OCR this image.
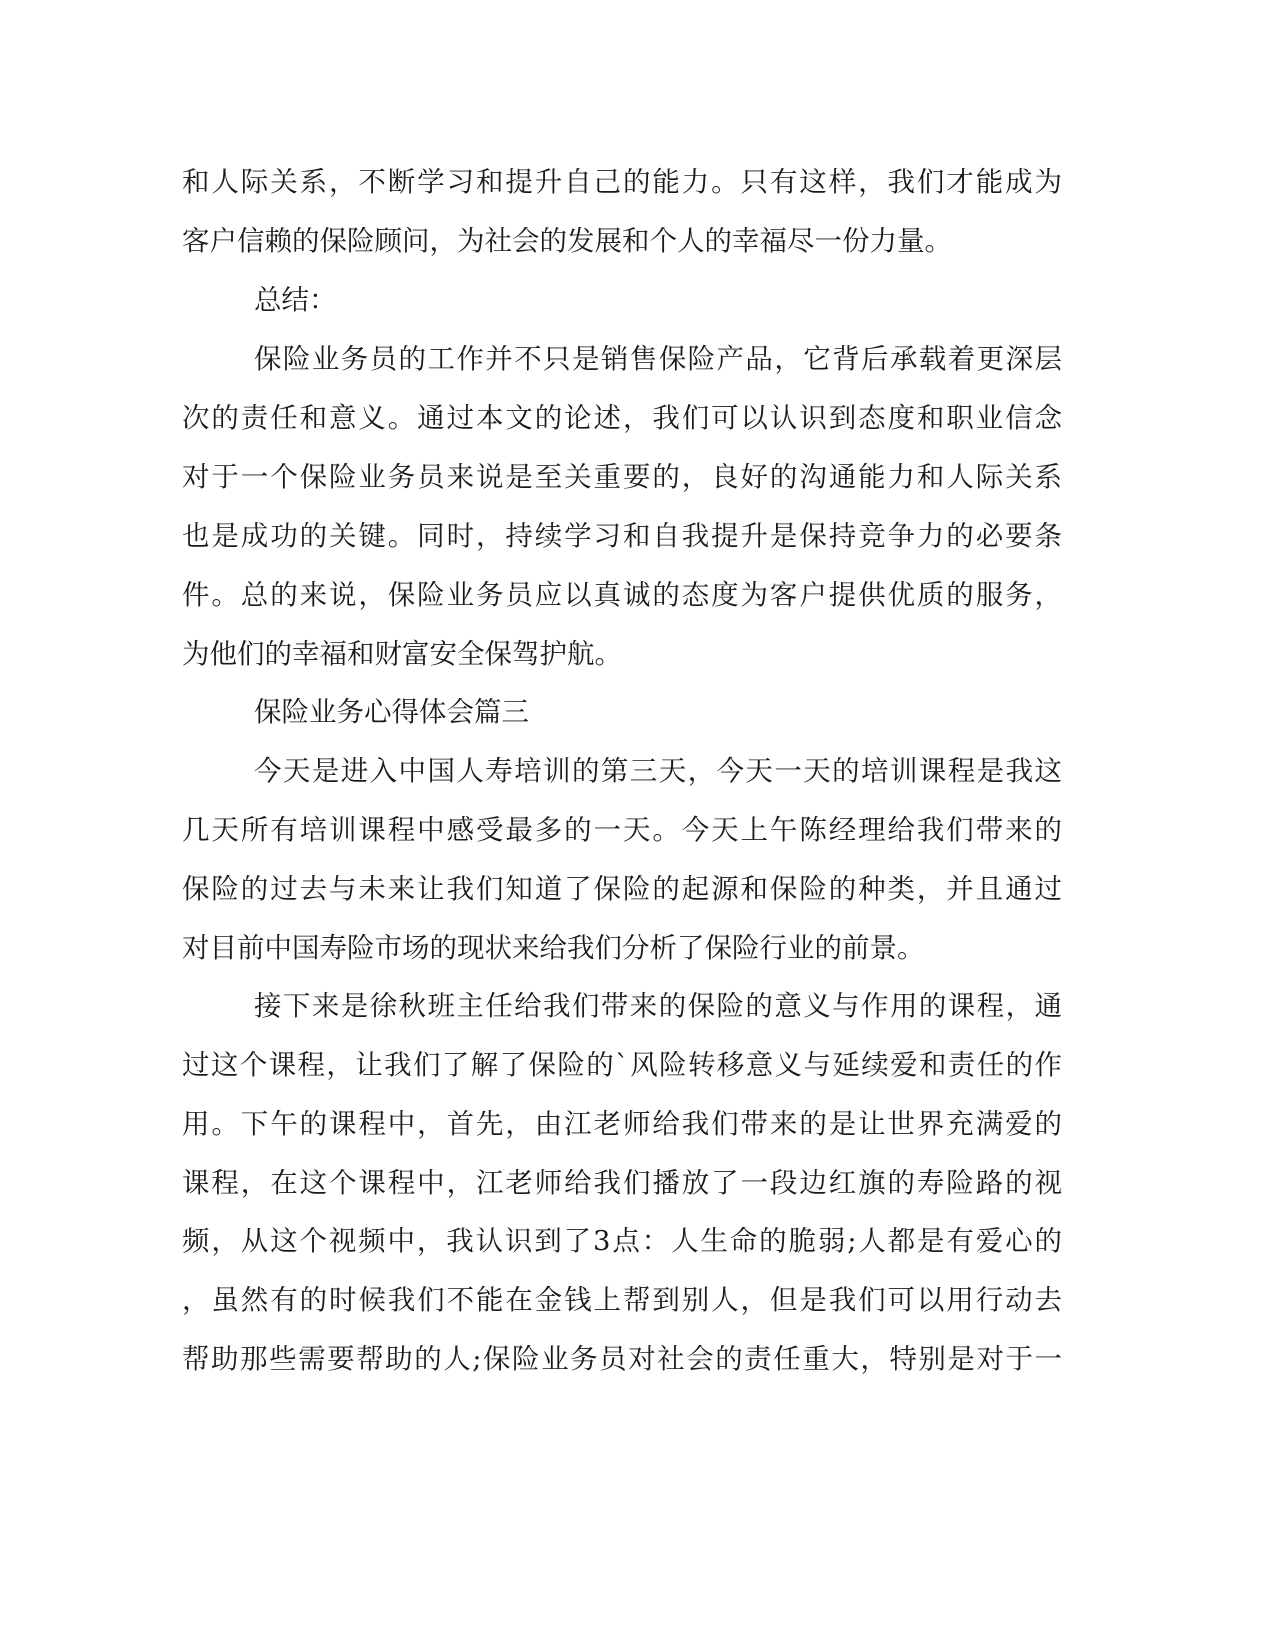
和人际关系，不断学习和提升自己的能力。只有这样，我们才能成为
客户信赖的保险顾问，为社会的发展和个人的幸福尽一份力量。
总结：
保险业务员的工作并不只是销售保险产品，它背后承载着更深层
次的责任和意义。通过本文的论述，我们可以认识到态度和职业信念
对于一个保险业务员来说是至关重要的，良好的沟通能力和人际关系
也是成功的关键。同时，持续学习和自我提升是保持竞争力的必要条
件。总的来说，保险业务员应以真诚的态度为客户提供优质的服务，
为他们的幸福和财富安全保驾护航。
保险业务心得体会篇三
今天是进入中国人寿培训的第三天，今天一天的培训课程是我这
几天所有培训课程中感受最多的一天。今天上午陈经理给我们带来的
保险的过去与未来让我们知道了保险的起源和保险的种类，并且通过
对目前中国寿险市场的现状来给我们分析了保险行业的前景。
接下来是徐秋班主任给我们带来的保险的意义与作用的课程，通
过这个课程，让我们了解了保险的`风险转移意义与延续爱和责任的作
用。下午的课程中，首先，由江老师给我们带来的是让世界充满爱的
课程，在这个课程中，江老师给我们播放了一段边红旗的寿险路的视
频，从这个视频中，我认识到了3点：人生命的脆弱;人都是有爱心的
，虽然有的时候我们不能在金钱上帮到别人，但是我们可以用行动去
帮助那些需要帮助的人;保险业务员对社会的责任重大，特别是对于一
